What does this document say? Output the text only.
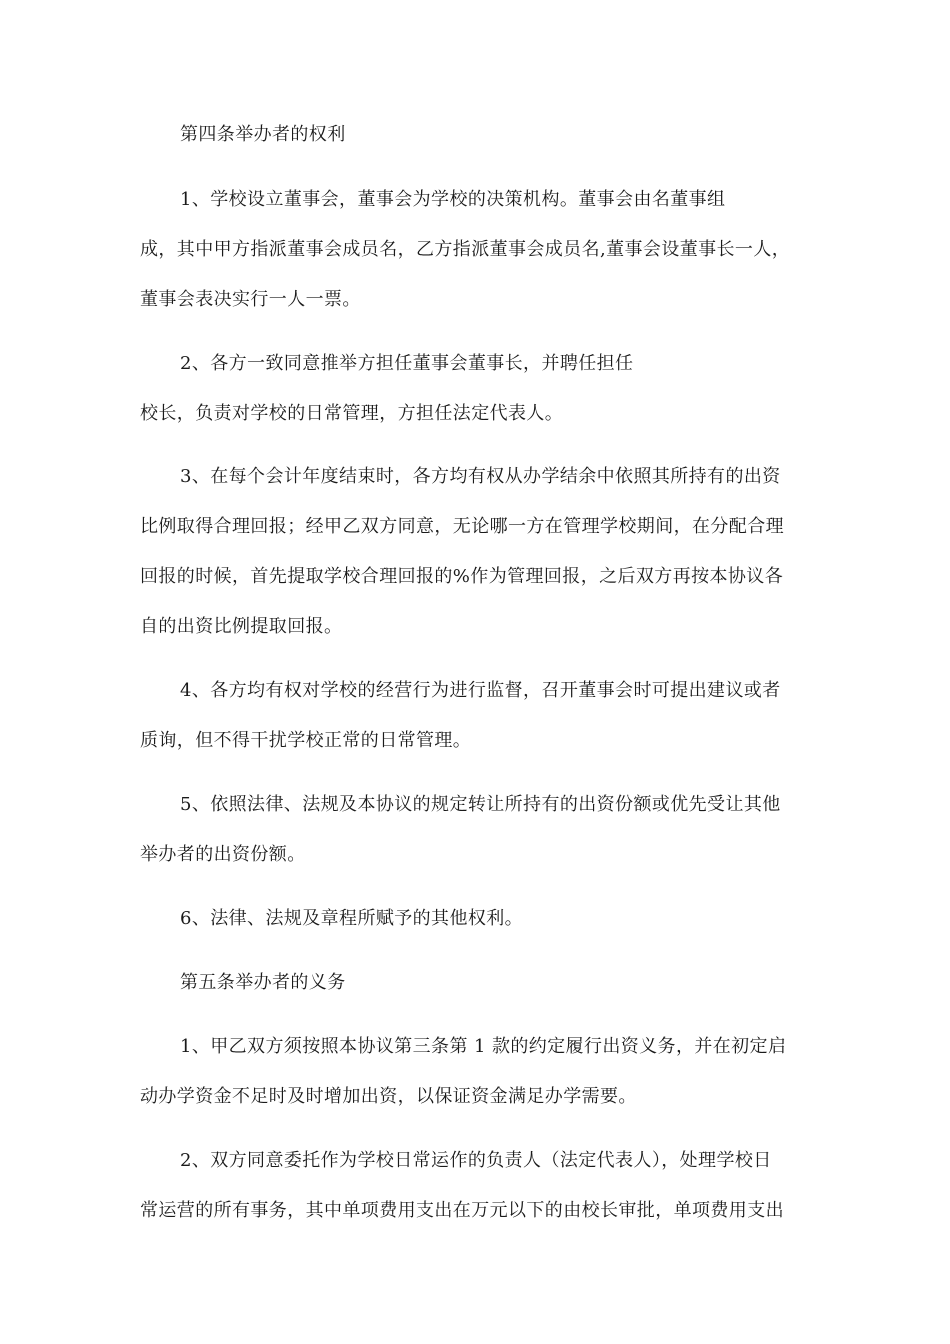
第四条举办者的权利
1、学校设立董事会，董事会为学校的决策机构。董事会由名董事组
成，其中甲方指派董事会成员名，乙方指派董事会成员名,董事会设董事长一人，
董事会表决实行一人一票。
2、各方一致同意推举方担任董事会董事长，并聘任担任
校长，负责对学校的日常管理，方担任法定代表人。
3、在每个会计年度结束时，各方均有权从办学结余中依照其所持有的出资
比例取得合理回报；经甲乙双方同意，无论哪一方在管理学校期间，在分配合理
回报的时候，首先提取学校合理回报的%作为管理回报，之后双方再按本协议各
自的出资比例提取回报。
4、各方均有权对学校的经营行为进行监督，召开董事会时可提出建议或者
质询，但不得干扰学校正常的日常管理。
5、依照法律、法规及本协议的规定转让所持有的出资份额或优先受让其他
举办者的出资份额。
6、法律、法规及章程所赋予的其他权利。
第五条举办者的义务
1、甲乙双方须按照本协议第三条第 1 款的约定履行出资义务，并在初定启
动办学资金不足时及时增加出资，以保证资金满足办学需要。
2、双方同意委托作为学校日常运作的负责人（法定代表人），处理学校日
常运营的所有事务，其中单项费用支出在万元以下的由校长审批，单项费用支出
